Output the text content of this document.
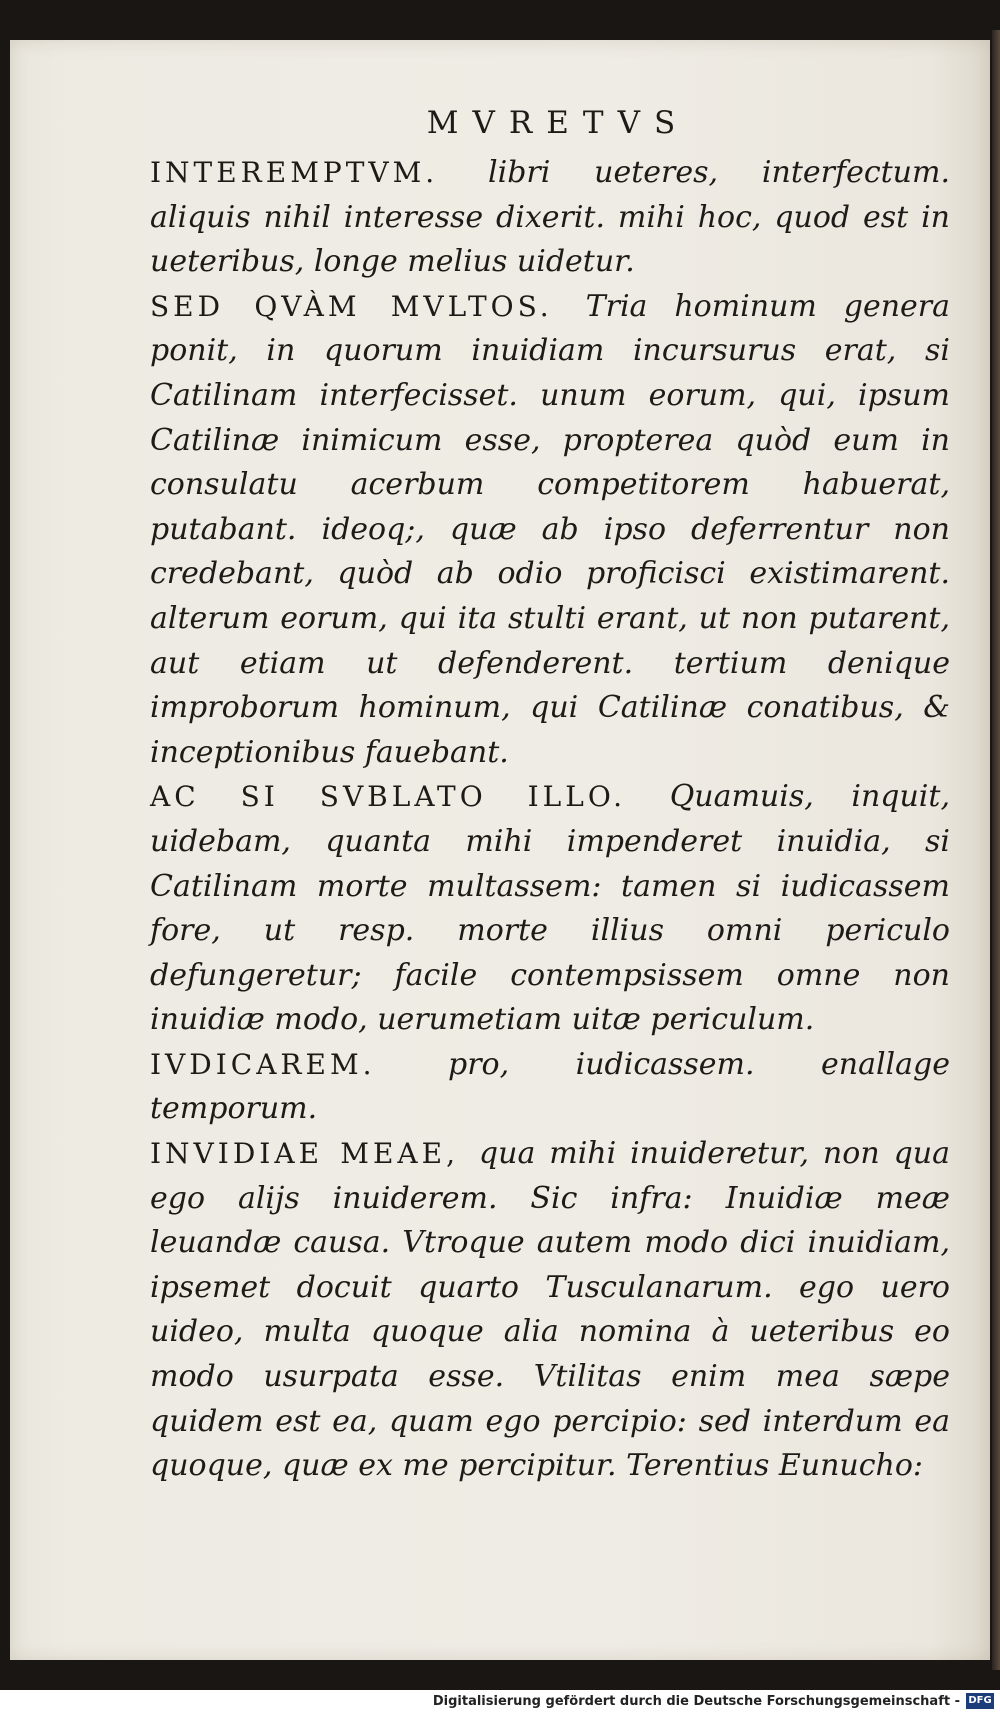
MVRETVS

INTEREMPTVM. libri ueteres, interfectum. aliquis nihil interesse dixerit. mihi hoc, quod est in ueteribus, longe melius uidetur.

SED QVÀM MVLTOS. Tria hominum genera ponit, in quorum inuidiam incursurus erat, si Catilinam interfecisset. unum eorum, qui, ipsum Catilinæ inimicum esse, propterea quòd eum in consulatu acerbum competitorem habuerat, putabant. ideoq;, quæ ab ipso deferrentur non credebant, quòd ab odio proficisci existimarent. alterum eorum, qui ita stulti erant, ut non putarent, aut etiam ut defenderent. tertium denique improborum hominum, qui Catilinæ conatibus, & inceptionibus fauebant.

AC SI SVBLATO ILLO. Quamuis, inquit, uidebam, quanta mihi impenderet inuidia, si Catilinam morte multassem: tamen si iudicassem fore, ut resp. morte illius omni periculo defungeretur; facile contempsissem omne non inuidiæ modo, uerumetiam uitæ periculum.

IVDICAREM. pro, iudicassem. enallage temporum.

INVIDIAE MEAE, qua mihi inuideretur, non qua ego alijs inuiderem. Sic infra: Inuidiæ meæ leuandæ causa. Vtroque autem modo dici inuidiam, ipsemet docuit quarto Tusculanarum. ego uero uideo, multa quoque alia nomina à ueteribus eo modo usurpata esse. Vtilitas enim mea sæpe quidem est ea, quam ego percipio: sed interdum ea quoque, quæ ex me percipitur. Terentius Eunucho:

Digitalisierung gefördert durch die Deutsche Forschungsgemeinschaft - DFG
